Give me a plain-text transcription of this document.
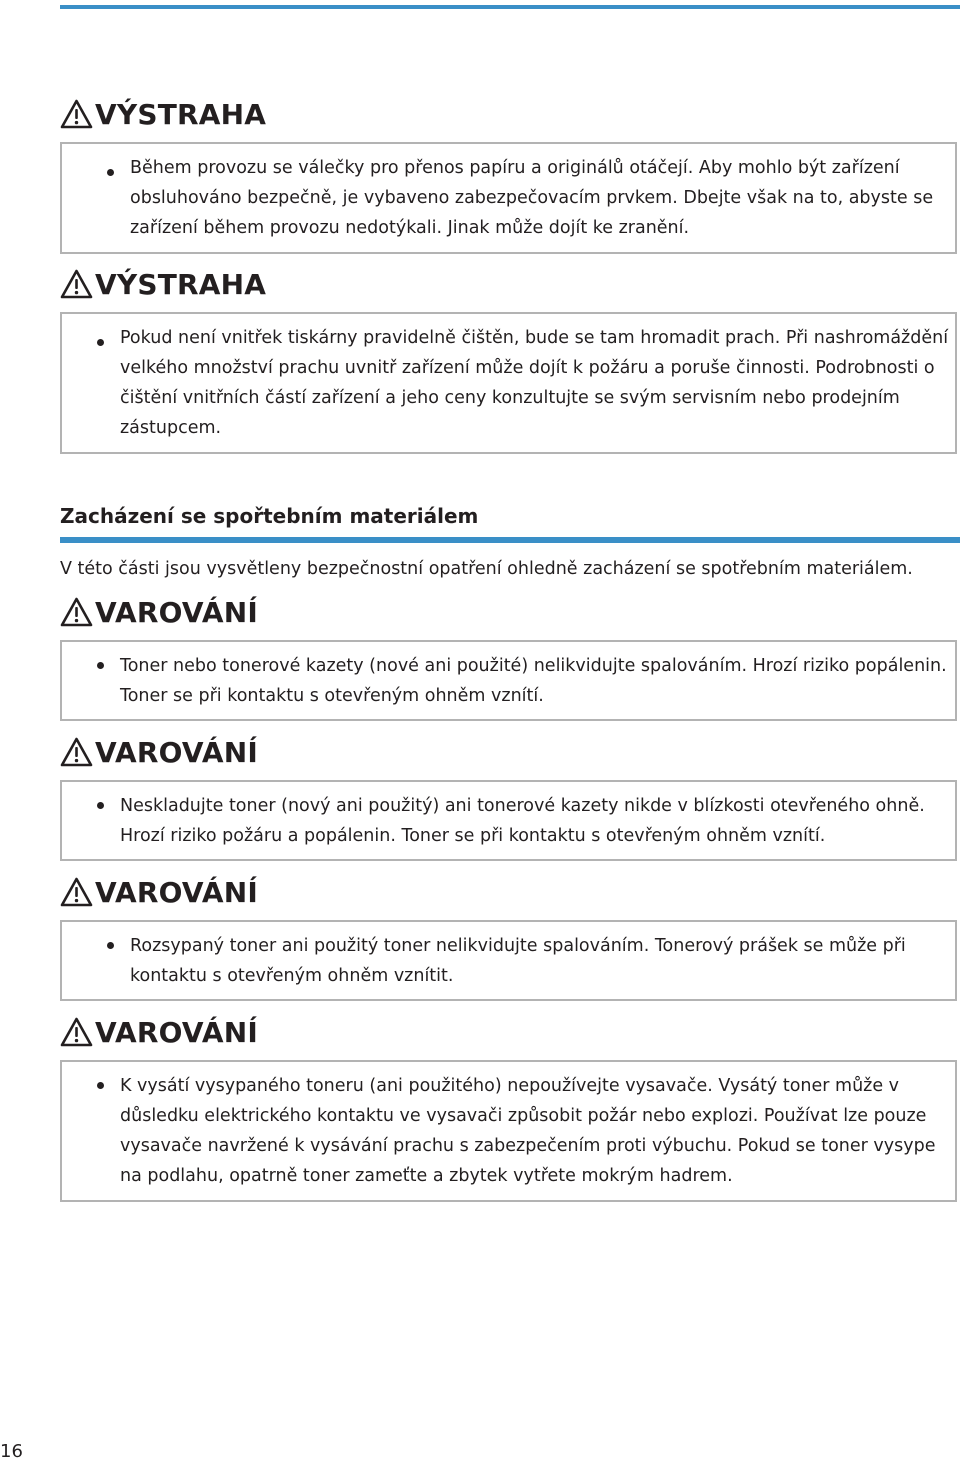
VÝSTRAHA
Během provozu se válečky pro přenos papíru a originálů otáčejí. Aby mohlo být zařízení obsluhováno bezpečně, je vybaveno zabezpečovacím prvkem. Dbejte však na to, abyste se zařízení během provozu nedotýkali. Jinak může dojít ke zranění.
VÝSTRAHA
Pokud není vnitřek tiskárny pravidelně čištěn, bude se tam hromadit prach. Při nashromáždění velkého množství prachu uvnitř zařízení může dojít k požáru a poruše činnosti. Podrobnosti o čištění vnitřních částí zařízení a jeho ceny konzultujte se svým servisním nebo prodejním zástupcem.
Zacházení se spořtebním materiálem
V této části jsou vysvětleny bezpečnostní opatření ohledně zacházení se spotřebním materiálem.
VAROVÁNÍ
Toner nebo tonerové kazety (nové ani použité) nelikvidujte spalováním. Hrozí riziko popálenin. Toner se při kontaktu s otevřeným ohněm vznítí.
VAROVÁNÍ
Neskladujte toner (nový ani použitý) ani tonerové kazety nikde v blízkosti otevřeného ohně. Hrozí riziko požáru a popálenin. Toner se při kontaktu s otevřeným ohněm vznítí.
VAROVÁNÍ
Rozsypaný toner ani použitý toner nelikvidujte spalováním. Tonerový prášek se může při kontaktu s otevřeným ohněm vznítit.
VAROVÁNÍ
K vysátí vysypaného toneru (ani použitého) nepoužívejte vysavače. Vysátý toner může v důsledku elektrického kontaktu ve vysavači způsobit požár nebo explozi. Používat lze pouze vysavače navržené k vysávání prachu s zabezpečením proti výbuchu. Pokud se toner vysype na podlahu, opatrně toner zameťte a zbytek vytřete mokrým hadrem.
16
